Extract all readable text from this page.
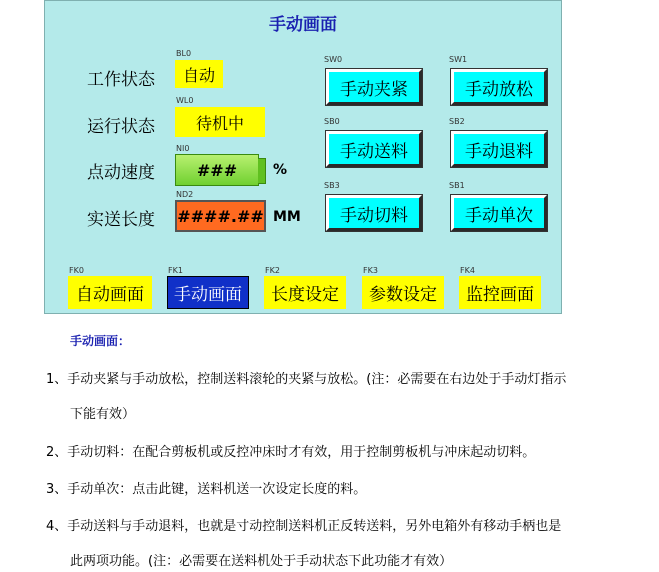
手动画面
工作状态
运行状态
点动速度
实送长度
BL0
自动
WL0
待机中
NI0
###	%
ND2
####.## MM
SW0
手动夹紧
SW1
手动放松
SB0
手动送料
SB2
手动退料
SB3
手动切料
SB1
手动单次
FK0
自动画面
FK1
手动画面
FK2
长度设定
FK3
参数设定
FK4
监控画面
手动画面：
1、手动夹紧与手动放松，控制送料滚轮的夹紧与放松。(注：必需要在右边处于手动灯指示
下能有效）
2、手动切料：在配合剪板机或反控冲床时才有效，用于控制剪板机与冲床起动切料。
3、手动单次：点击此键，送料机送一次设定长度的料。
4、手动送料与手动退料，也就是寸动控制送料机正反转送料，另外电箱外有移动手柄也是
此两项功能。(注：必需要在送料机处于手动状态下此功能才有效）
